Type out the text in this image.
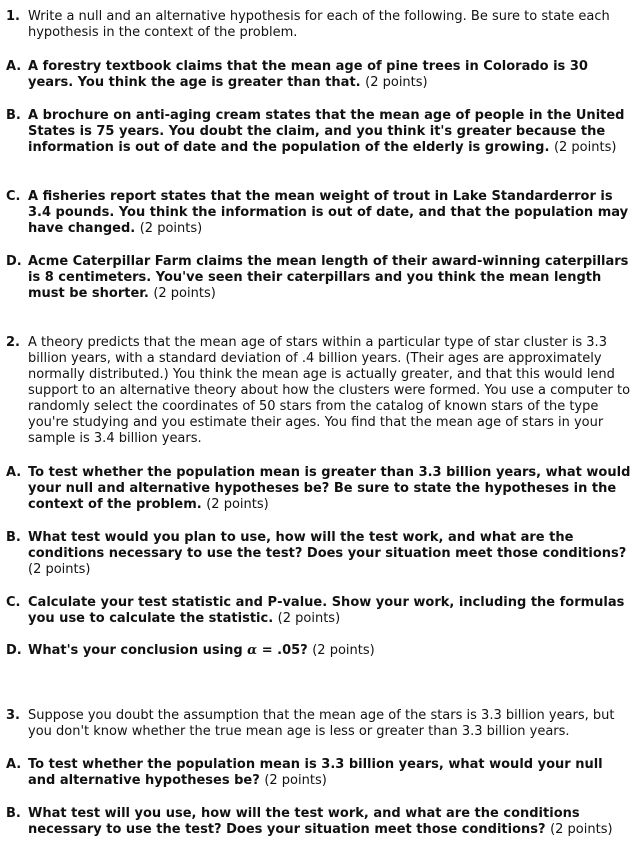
1. Write a null and an alternative hypothesis for each of the following. Be sure to state each hypothesis in the context of the problem.
A. A forestry textbook claims that the mean age of pine trees in Colorado is 30 years. You think the age is greater than that. (2 points)
B. A brochure on anti-aging cream states that the mean age of people in the United States is 75 years. You doubt the claim, and you think it's greater because the information is out of date and the population of the elderly is growing. (2 points)
C. A fisheries report states that the mean weight of trout in Lake Standarderror is 3.4 pounds. You think the information is out of date, and that the population may have changed. (2 points)
D. Acme Caterpillar Farm claims the mean length of their award-winning caterpillars is 8 centimeters. You've seen their caterpillars and you think the mean length must be shorter. (2 points)
2. A theory predicts that the mean age of stars within a particular type of star cluster is 3.3 billion years, with a standard deviation of .4 billion years. (Their ages are approximately normally distributed.) You think the mean age is actually greater, and that this would lend support to an alternative theory about how the clusters were formed. You use a computer to randomly select the coordinates of 50 stars from the catalog of known stars of the type you're studying and you estimate their ages. You find that the mean age of stars in your sample is 3.4 billion years.
A. To test whether the population mean is greater than 3.3 billion years, what would your null and alternative hypotheses be? Be sure to state the hypotheses in the context of the problem. (2 points)
B. What test would you plan to use, how will the test work, and what are the conditions necessary to use the test? Does your situation meet those conditions? (2 points)
C. Calculate your test statistic and P-value. Show your work, including the formulas you use to calculate the statistic. (2 points)
D. What's your conclusion using α = .05? (2 points)
3. Suppose you doubt the assumption that the mean age of the stars is 3.3 billion years, but you don't know whether the true mean age is less or greater than 3.3 billion years.
A. To test whether the population mean is 3.3 billion years, what would your null and alternative hypotheses be? (2 points)
B. What test will you use, how will the test work, and what are the conditions necessary to use the test? Does your situation meet those conditions? (2 points)
